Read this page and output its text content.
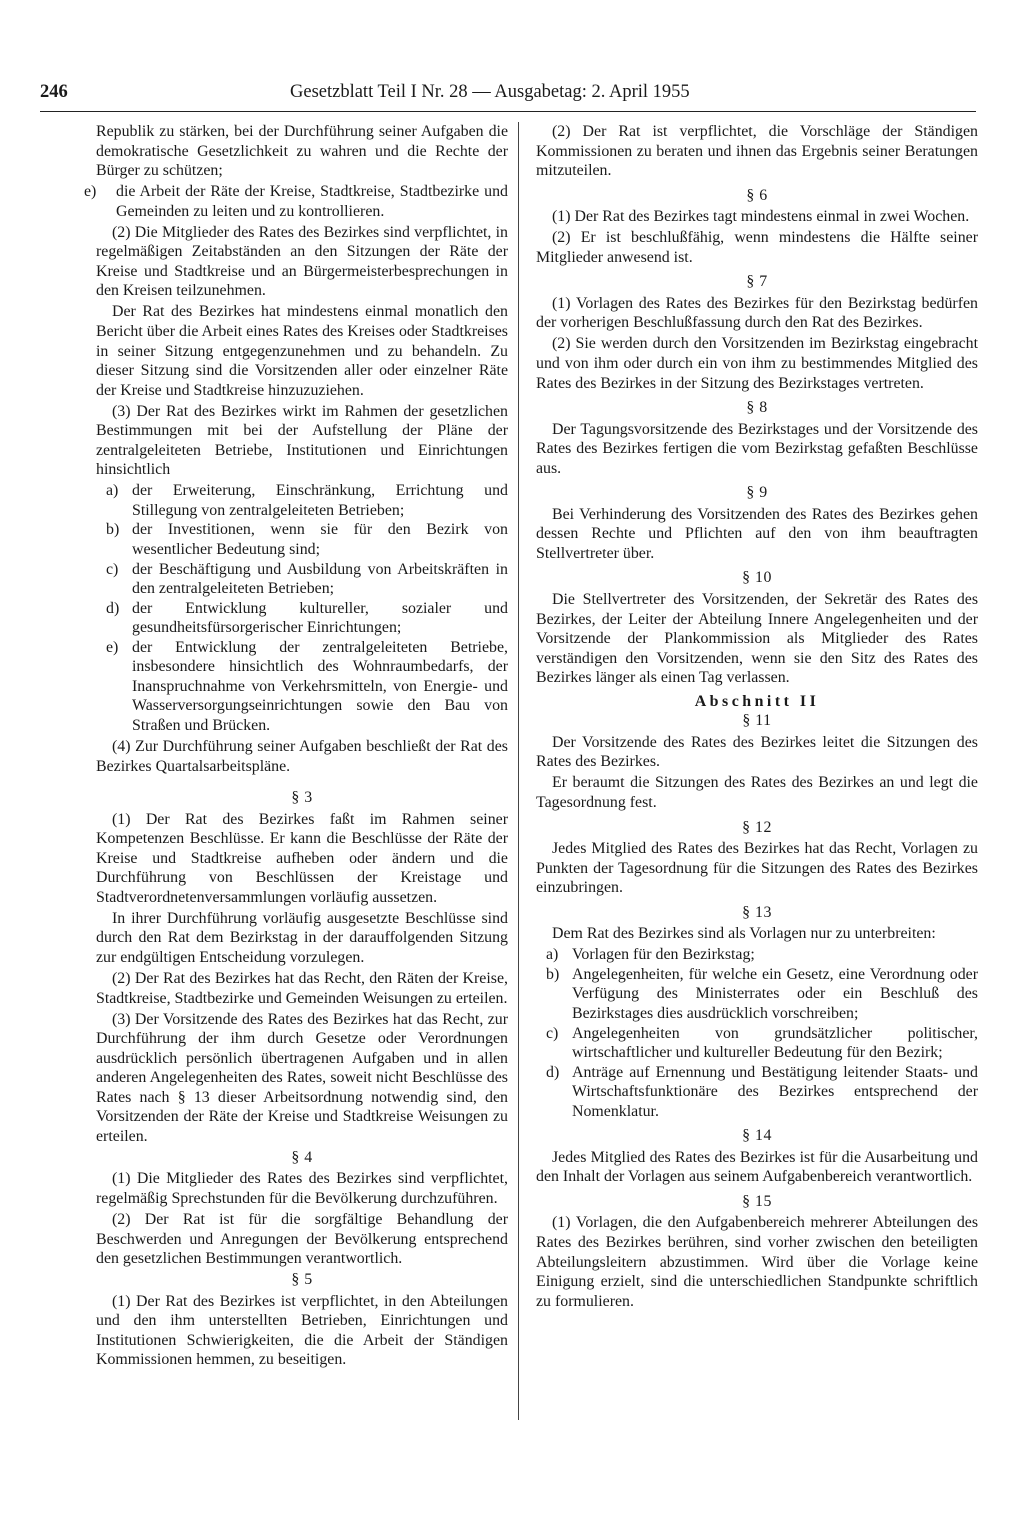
246	Gesetzblatt Teil I Nr. 28 — Ausgabetag: 2. April 1955

Republik zu stärken, bei der Durchführung seiner Aufgaben die demokratische Gesetzlichkeit zu wahren und die Rechte der Bürger zu schützen;

e) die Arbeit der Räte der Kreise, Stadtkreise, Stadtbezirke und Gemeinden zu leiten und zu kontrollieren.

(2) Die Mitglieder des Rates des Bezirkes sind verpflichtet, in regelmäßigen Zeitabständen an den Sitzungen der Räte der Kreise und Stadtkreise und an Bürgermeisterbesprechungen in den Kreisen teilzunehmen.

Der Rat des Bezirkes hat mindestens einmal monatlich den Bericht über die Arbeit eines Rates des Kreises oder Stadtkreises in seiner Sitzung entgegenzunehmen und zu behandeln. Zu dieser Sitzung sind die Vorsitzenden aller oder einzelner Räte der Kreise und Stadtkreise hinzuzuziehen.

(3) Der Rat des Bezirkes wirkt im Rahmen der gesetzlichen Bestimmungen mit bei der Aufstellung der Pläne der zentralgeleiteten Betriebe, Institutionen und Einrichtungen hinsichtlich

a) der Erweiterung, Einschränkung, Errichtung und Stillegung von zentralgeleiteten Betrieben;
b) der Investitionen, wenn sie für den Bezirk von wesentlicher Bedeutung sind;
c) der Beschäftigung und Ausbildung von Arbeitskräften in den zentralgeleiteten Betrieben;
d) der Entwicklung kultureller, sozialer und gesundheitsfürsorgerischer Einrichtungen;
e) der Entwicklung der zentralgeleiteten Betriebe, insbesondere hinsichtlich des Wohnraumbedarfs, der Inanspruchnahme von Verkehrsmitteln, von Energie- und Wasserversorgungseinrichtungen sowie den Bau von Straßen und Brücken.

(4) Zur Durchführung seiner Aufgaben beschließt der Rat des Bezirkes Quartalsarbeitspläne.

§ 3

(1) Der Rat des Bezirkes faßt im Rahmen seiner Kompetenzen Beschlüsse. Er kann die Beschlüsse der Räte der Kreise und Stadtkreise aufheben oder ändern und die Durchführung von Beschlüssen der Kreistage und Stadtverordnetenversammlungen vorläufig aussetzen.

In ihrer Durchführung vorläufig ausgesetzte Beschlüsse sind durch den Rat dem Bezirkstag in der darauffolgenden Sitzung zur endgültigen Entscheidung vorzulegen.

(2) Der Rat des Bezirkes hat das Recht, den Räten der Kreise, Stadtkreise, Stadtbezirke und Gemeinden Weisungen zu erteilen.

(3) Der Vorsitzende des Rates des Bezirkes hat das Recht, zur Durchführung der ihm durch Gesetze oder Verordnungen ausdrücklich persönlich übertragenen Aufgaben und in allen anderen Angelegenheiten des Rates, soweit nicht Beschlüsse des Rates nach § 13 dieser Arbeitsordnung notwendig sind, den Vorsitzenden der Räte der Kreise und Stadtkreise Weisungen zu erteilen.

§ 4

(1) Die Mitglieder des Rates des Bezirkes sind verpflichtet, regelmäßig Sprechstunden für die Bevölkerung durchzuführen.

(2) Der Rat ist für die sorgfältige Behandlung der Beschwerden und Anregungen der Bevölkerung entsprechend den gesetzlichen Bestimmungen verantwortlich.

§ 5

(1) Der Rat des Bezirkes ist verpflichtet, in den Abteilungen und den ihm unterstellten Betrieben, Einrichtungen und Institutionen Schwierigkeiten, die die Arbeit der Ständigen Kommissionen hemmen, zu beseitigen.

(2) Der Rat ist verpflichtet, die Vorschläge der Ständigen Kommissionen zu beraten und ihnen das Ergebnis seiner Beratungen mitzuteilen.

§ 6

(1) Der Rat des Bezirkes tagt mindestens einmal in zwei Wochen.

(2) Er ist beschlußfähig, wenn mindestens die Hälfte seiner Mitglieder anwesend ist.

§ 7

(1) Vorlagen des Rates des Bezirkes für den Bezirkstag bedürfen der vorherigen Beschlußfassung durch den Rat des Bezirkes.

(2) Sie werden durch den Vorsitzenden im Bezirkstag eingebracht und von ihm oder durch ein von ihm zu bestimmendes Mitglied des Rates des Bezirkes in der Sitzung des Bezirkstages vertreten.

§ 8

Der Tagungsvorsitzende des Bezirkstages und der Vorsitzende des Rates des Bezirkes fertigen die vom Bezirkstag gefaßten Beschlüsse aus.

§ 9

Bei Verhinderung des Vorsitzenden des Rates des Bezirkes gehen dessen Rechte und Pflichten auf den von ihm beauftragten Stellvertreter über.

§ 10

Die Stellvertreter des Vorsitzenden, der Sekretär des Rates des Bezirkes, der Leiter der Abteilung Innere Angelegenheiten und der Vorsitzende der Plankommission als Mitglieder des Rates verständigen den Vorsitzenden, wenn sie den Sitz des Rates des Bezirkes länger als einen Tag verlassen.

Abschnitt II
§ 11

Der Vorsitzende des Rates des Bezirkes leitet die Sitzungen des Rates des Bezirkes.

Er beraumt die Sitzungen des Rates des Bezirkes an und legt die Tagesordnung fest.

§ 12

Jedes Mitglied des Rates des Bezirkes hat das Recht, Vorlagen zu Punkten der Tagesordnung für die Sitzungen des Rates des Bezirkes einzubringen.

§ 13

Dem Rat des Bezirkes sind als Vorlagen nur zu unterbreiten:

a) Vorlagen für den Bezirkstag;
b) Angelegenheiten, für welche ein Gesetz, eine Verordnung oder Verfügung des Ministerrates oder ein Beschluß des Bezirkstages dies ausdrücklich vorschreiben;
c) Angelegenheiten von grundsätzlicher politischer, wirtschaftlicher und kultureller Bedeutung für den Bezirk;
d) Anträge auf Ernennung und Bestätigung leitender Staats- und Wirtschaftsfunktionäre des Bezirkes entsprechend der Nomenklatur.
§ 14

Jedes Mitglied des Rates des Bezirkes ist für die Ausarbeitung und den Inhalt der Vorlagen aus seinem Aufgabenbereich verantwortlich.

§ 15

(1) Vorlagen, die den Aufgabenbereich mehrerer Abteilungen des Rates des Bezirkes berühren, sind vorher zwischen den beteiligten Abteilungsleitern abzustimmen. Wird über die Vorlage keine Einigung erzielt, sind die unterschiedlichen Standpunkte schriftlich zu formulieren.
